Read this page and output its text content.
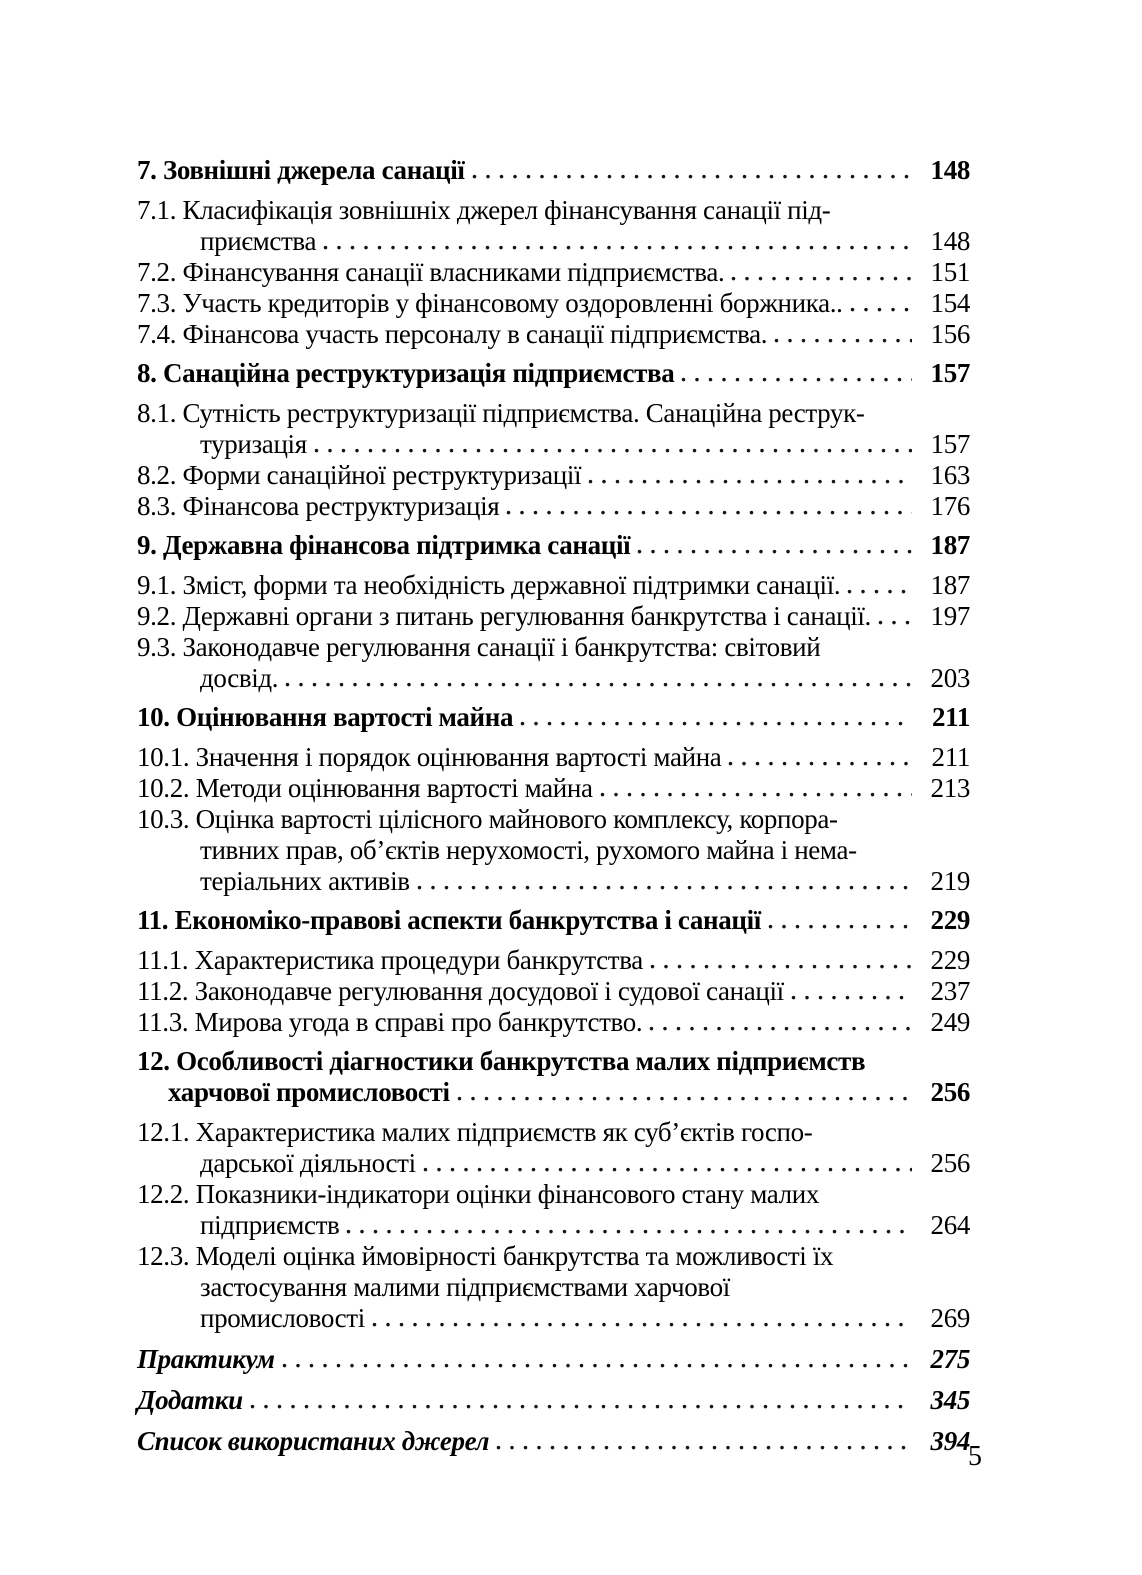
7. Зовнішні джерела санації	148
7.1. Класифікація зовнішніх джерел фінансування санації під-
приємства	148
7.2. Фінансування санації власниками підприємства.	151
7.3. Участь кредиторів у фінансовому оздоровленні боржника..	154
7.4. Фінансова участь персоналу в санації підприємства.	156
8. Санаційна реструктуризація підприємства	157
8.1. Сутність реструктуризації підприємства. Санаційна реструк-
туризація	157
8.2. Форми санаційної реструктуризації	163
8.3. Фінансова реструктуризація	176
9. Державна фінансова підтримка санації	187
9.1. Зміст, форми та необхідність державної підтримки санації.	187
9.2. Державні органи з питань регулювання банкрутства і санації.	197
9.3. Законодавче регулювання санації і банкрутства: світовий
досвід.	203
10. Оцінювання вартості майна	211
10.1. Значення і порядок оцінювання вартості майна	211
10.2. Методи оцінювання вартості майна	213
10.3. Оцінка вартості цілісного майнового комплексу, корпора-
тивних прав, об’єктів нерухомості, рухомого майна і нема-
теріальних активів	219
11. Економіко-правові аспекти банкрутства і санації	229
11.1. Характеристика процедури банкрутства	229
11.2. Законодавче регулювання досудової і судової санації	237
11.3. Мирова угода в справі про банкрутство.	249
12. Особливості діагностики банкрутства малих підприємств
харчової промисловості	256
12.1. Характеристика малих підприємств як суб’єктів госпо-
дарської діяльності	256
12.2. Показники-індикатори оцінки фінансового стану малих
підприємств	264
12.3. Моделі оцінка ймовірності банкрутства та можливості їх
застосування малими підприємствами харчової
промисловості	269
Практикум	275
Додатки	345
Список використаних джерел	394
5
